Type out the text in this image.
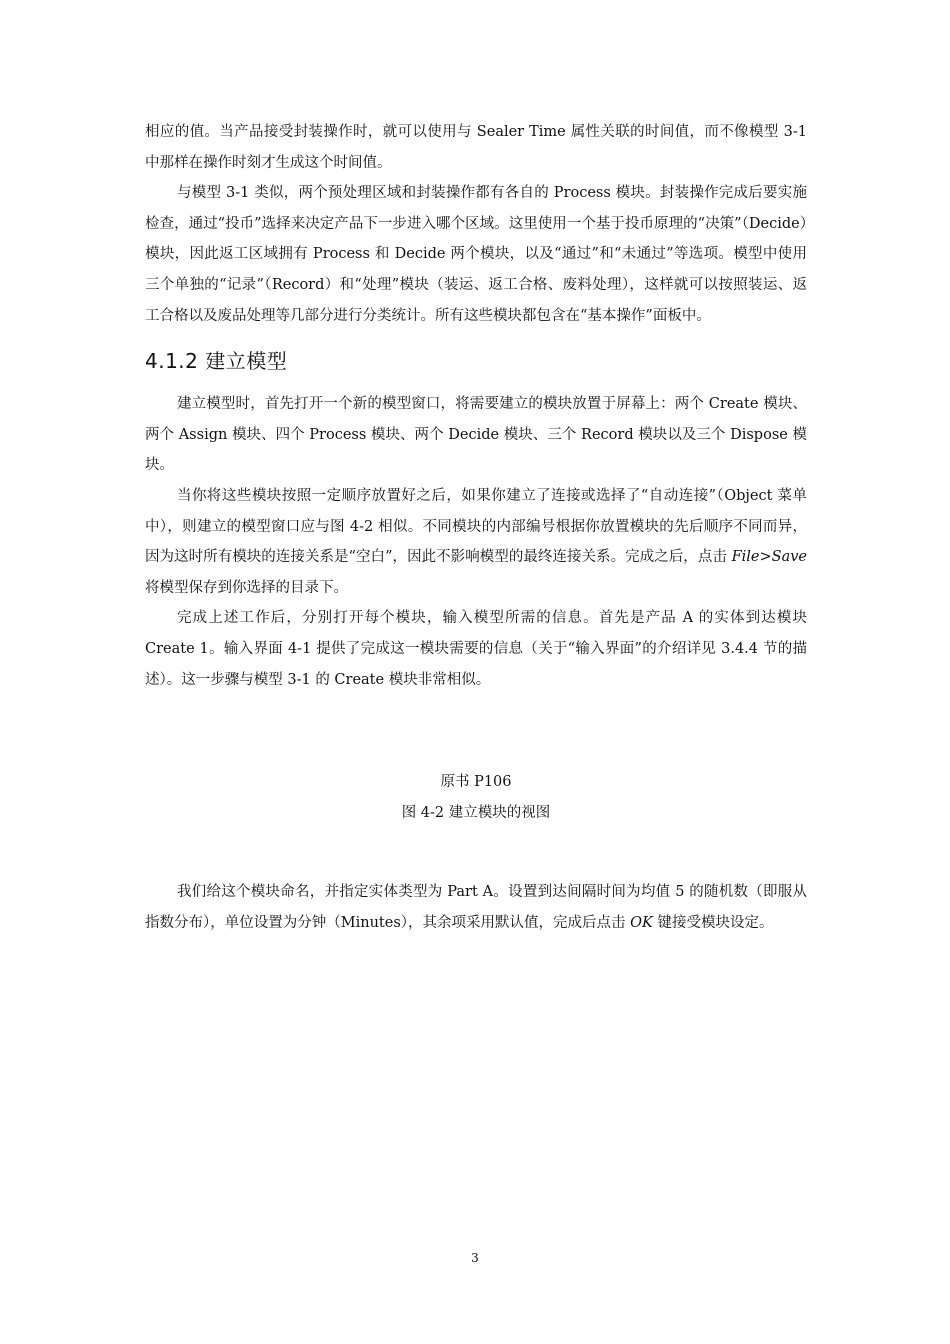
相应的值。当产品接受封装操作时，就可以使用与 Sealer Time 属性关联的时间值，而不像模型 3-1 中那样在操作时刻才生成这个时间值。

与模型 3-1 类似，两个预处理区域和封装操作都有各自的 Process 模块。封装操作完成后要实施检查，通过“投币”选择来决定产品下一步进入哪个区域。这里使用一个基于投币原理的“决策”（Decide）模块，因此返工区域拥有 Process 和 Decide 两个模块，以及“通过”和“未通过”等选项。模型中使用三个单独的“记录”（Record）和“处理”模块（装运、返工合格、废料处理），这样就可以按照装运、返工合格以及废品处理等几部分进行分类统计。所有这些模块都包含在“基本操作”面板中。

4.1.2 建立模型

建立模型时，首先打开一个新的模型窗口，将需要建立的模块放置于屏幕上：两个 Create 模块、两个 Assign 模块、四个 Process 模块、两个 Decide 模块、三个 Record 模块以及三个 Dispose 模块。

当你将这些模块按照一定顺序放置好之后，如果你建立了连接或选择了“自动连接”（Object 菜单中），则建立的模型窗口应与图 4-2 相似。不同模块的内部编号根据你放置模块的先后顺序不同而异，因为这时所有模块的连接关系是“空白”，因此不影响模型的最终连接关系。完成之后，点击 File>Save 将模型保存到你选择的目录下。

完成上述工作后，分别打开每个模块，输入模型所需的信息。首先是产品 A 的实体到达模块 Create 1。输入界面 4-1 提供了完成这一模块需要的信息（关于“输入界面”的介绍详见 3.4.4 节的描述）。这一步骤与模型 3-1 的 Create 模块非常相似。

原书 P106
图 4-2 建立模块的视图

我们给这个模块命名，并指定实体类型为 Part A。设置到达间隔时间为均值 5 的随机数（即服从指数分布），单位设置为分钟（Minutes），其余项采用默认值，完成后点击 OK 键接受模块设定。

3
